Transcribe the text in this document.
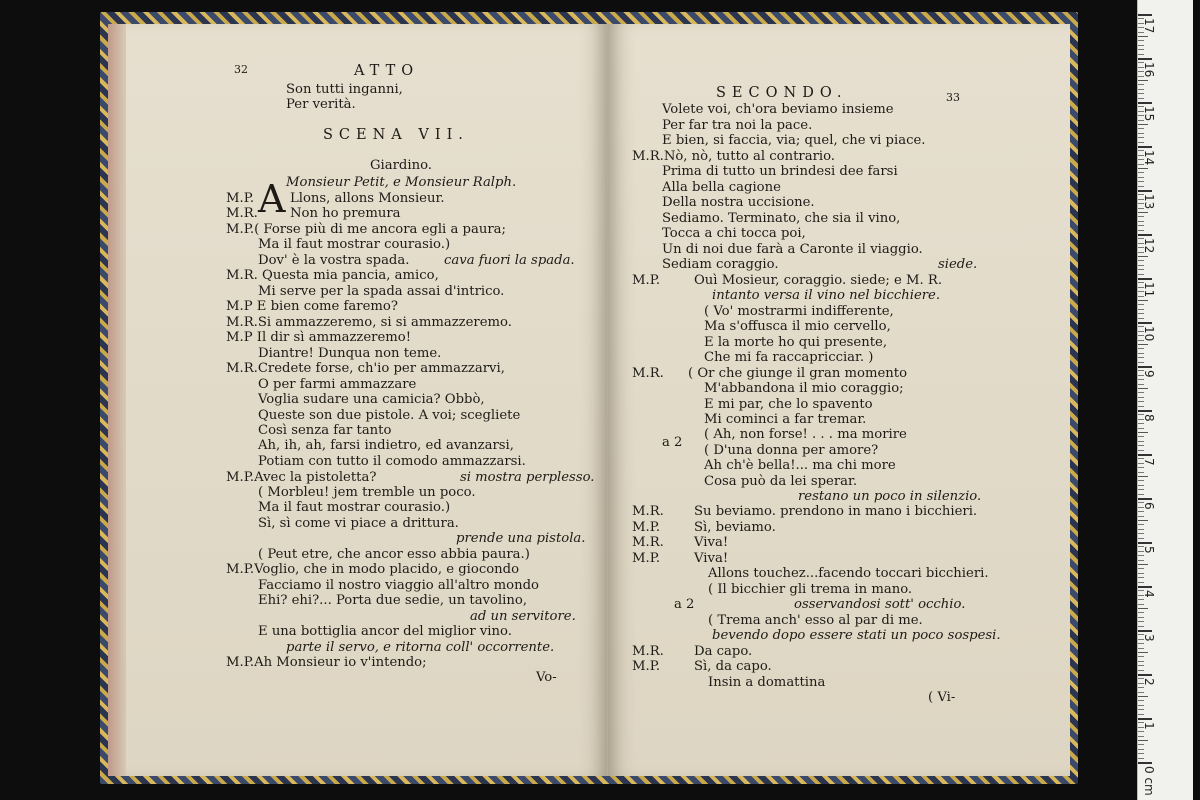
32	ATTO
Son tutti inganni,
Per verità.
SCENA VII.
Giardino.
Monsieur Petit, e Monsieur Ralph.
M.P. A Llons, allons Monsieur.
M.R. Non ho premura
M.P.( Forse più di me ancora egli a paura;
Ma il faut mostrar courasio.)
Dov' è la vostra spada.	cava fuori la spada.
M.R. Questa mia pancia, amico,
Mi serve per la spada assai d'intrico.
M.P E bien come faremo?
M.R.Si ammazzeremo, si si ammazzeremo.
M.P Il dir sì ammazzeremo!
Diantre! Dunqua non teme.
M.R.Credete forse, ch'io per ammazzarvi,
O per farmi ammazzare
Voglia sudare una camicia? Obbò,
Queste son due pistole. A voi; scegliete
Così senza far tanto
Ah, ih, ah, farsi indietro, ed avanzarsi,
Potiam con tutto il comodo ammazzarsi.
M.P.Avec la pistoletta?	si mostra perplesso.
( Morbleu! jem tremble un poco.
Ma il faut mostrar courasio.)
Sì, sì come vi piace a drittura.
prende una pistola.
( Peut etre, che ancor esso abbia paura.)
M.P.Voglio, che in modo placido, e giocondo
Facciamo il nostro viaggio all'altro mondo
Ehi? ehi?... Porta due sedie, un tavolino,
ad un servitore.
E una bottiglia ancor del miglior vino.
parte il servo, e ritorna coll' occorrente.
M.P.Ah Monsieur io v'intendo;
Vo-
SECONDO.	33
Volete voi, ch'ora beviamo insieme
Per far tra noi la pace.
E bien, si faccia, via; quel, che vi piace.
M.R.Nò, nò, tutto al contrario.
Prima di tutto un brindesi dee farsi
Alla bella cagione
Della nostra uccisione.
Sediamo. Terminato, che sia il vino,
Tocca a chi tocca poi,
Un di noi due farà a Caronte il viaggio.
Sediam coraggio.	siede.
M.P.	Ouì Mosieur, coraggio. siede; e M. R.
intanto versa il vino nel bicchiere.
( Vo' mostrarmi indifferente,
Ma s'offusca il mio cervello,
E la morte ho qui presente,
Che mi fa raccapricciar. )
M.R. ( Or che giunge il gran momento
M'abbandona il mio coraggio;
E mi par, che lo spavento
Mi cominci a far tremar.
a 2
( Ah, non forse! . . . ma morire
( D'una donna per amore?
Ah ch'è bella!... ma chi more
Cosa può da lei sperar.
restano un poco in silenzio.
M.R. Su beviamo. prendono in mano i bicchieri.
M.P.	Sì, beviamo.
M.R. Viva!
M.P.	Viva!
Allons touchez...facendo toccari bicchieri.
( Il bicchier gli trema in mano.
a 2	osservandosi sott' occhio.
( Trema anch' esso al par di me.
bevendo dopo essere stati un poco sospesi.
M.R. Da capo.
M.P.	Sì, da capo.
Insin a domattina
( Vi-
17
16
15
14
13
12
11
10
9
8
7
6
5
4
3
2
1
0 cm
